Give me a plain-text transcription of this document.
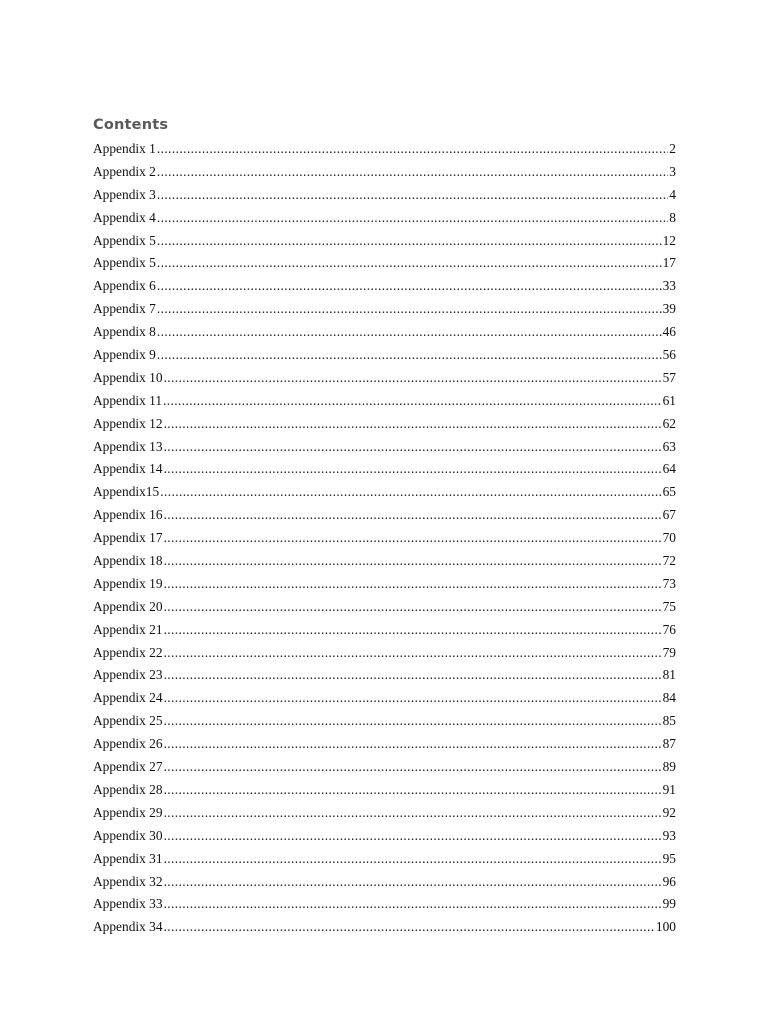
Contents
Appendix 1 .....	2
Appendix 2 .....	3
Appendix 3 .....	4
Appendix 4 .....	8
Appendix 5 .....	12
Appendix 5 .....	17
Appendix 6 .....	33
Appendix 7 .....	39
Appendix 8 .....	46
Appendix 9 .....	56
Appendix 10 .....	57
Appendix 11 .....	61
Appendix 12 .....	62
Appendix 13 .....	63
Appendix 14 .....	64
Appendix15 .....	65
Appendix 16 .....	67
Appendix 17 .....	70
Appendix 18 .....	72
Appendix 19 .....	73
Appendix 20 .....	75
Appendix 21 .....	76
Appendix 22 .....	79
Appendix 23 .....	81
Appendix 24 .....	84
Appendix 25 .....	85
Appendix 26 .....	87
Appendix 27 .....	89
Appendix 28 .....	91
Appendix 29 .....	92
Appendix 30 .....	93
Appendix 31 .....	95
Appendix 32 .....	96
Appendix 33 .....	99
Appendix 34 .....	100
